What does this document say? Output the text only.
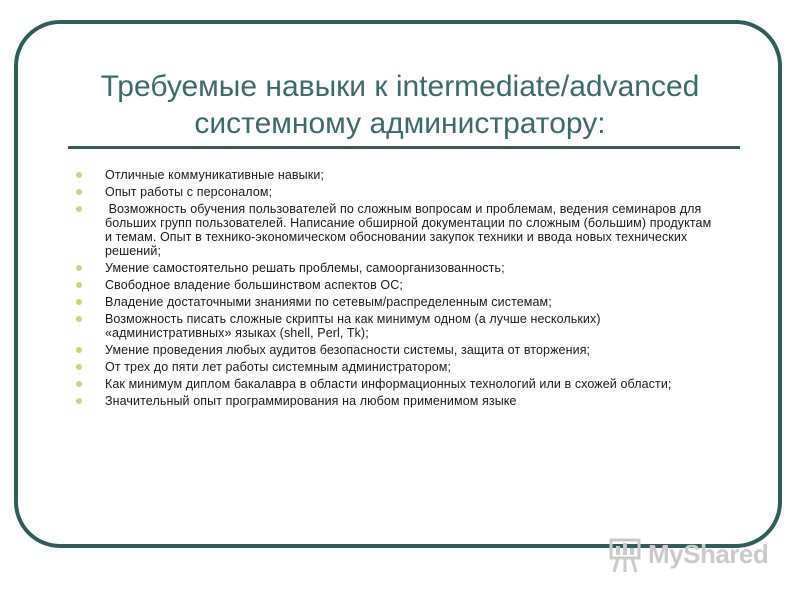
Требуемые навыки к intermediate/advanced
системному администратору:
Отличные коммуникативные навыки;
Опыт работы с персоналом;
Возможность обучения пользователей по сложным вопросам и проблемам, ведения семинаров для больших групп пользователей. Написание обширной документации по сложным (большим) продуктам и темам. Опыт в технико-экономическом обосновании закупок техники и ввода новых технических решений;
Умение самостоятельно решать проблемы, самоорганизованность;
Свободное владение большинством аспектов ОС;
Владение достаточными знаниями по сетевым/распределенным системам;
Возможность писать сложные скрипты на как минимум одном (а лучше нескольких) «административных» языках (shell, Perl, Tk);
Умение проведения любых аудитов безопасности системы, защита от вторжения;
От трех до пяти лет работы системным администратором;
Как минимум диплом бакалавра в области информационных технологий или в схожей области;
Значительный опыт программирования на любом применимом языке
MyShared
